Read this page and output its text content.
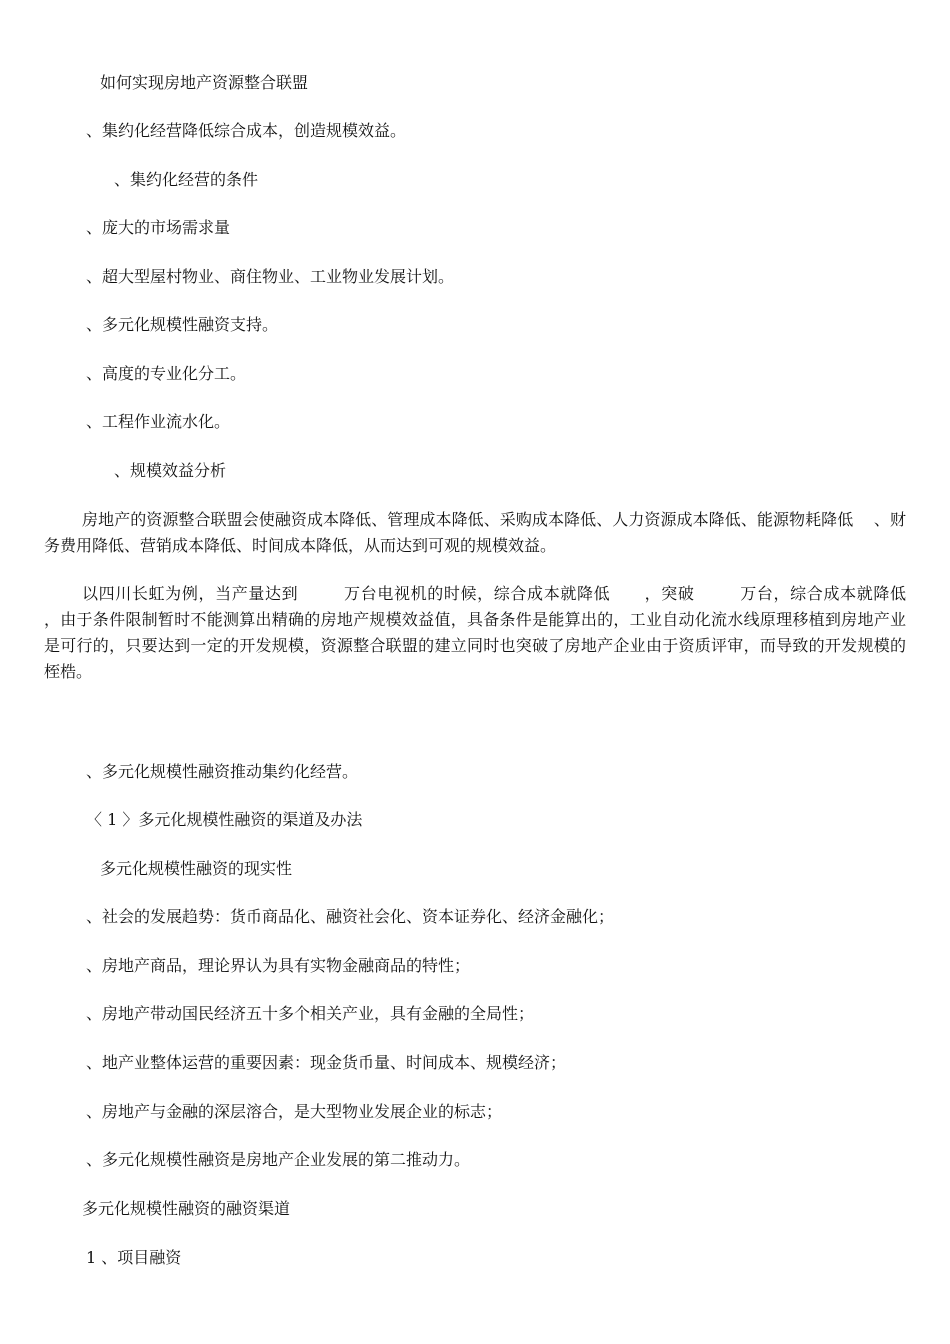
如何实现房地产资源整合联盟

、集约化经营降低综合成本，创造规模效益。

、集约化经营的条件

、庞大的市场需求量

、超大型屋村物业、商住物业、工业物业发展计划。

、多元化规模性融资支持。

、高度的专业化分工。

、工程作业流水化。

、规模效益分析

房地产的资源整合联盟会使融资成本降低、管理成本降低、采购成本降低、人力资源成本降低、能源物耗降低    、财务费用降低、营销成本降低、时间成本降低，从而达到可观的规模效益。

以四川长虹为例，当产量达到        万台电视机的时候，综合成本就降低      ，突破        万台，综合成本就降低      ，由于条件限制暂时不能测算出精确的房地产规模效益值，具备条件是能算出的，工业自动化流水线原理移植到房地产业是可行的，只要达到一定的开发规模，资源整合联盟的建立同时也突破了房地产企业由于资质评审，而导致的开发规模的桎梏。

、多元化规模性融资推动集约化经营。

〈 1 〉多元化规模性融资的渠道及办法

多元化规模性融资的现实性

、社会的发展趋势：货币商品化、融资社会化、资本证券化、经济金融化；

、房地产商品，理论界认为具有实物金融商品的特性；

、房地产带动国民经济五十多个相关产业，具有金融的全局性；

、地产业整体运营的重要因素：现金货币量、时间成本、规模经济；

、房地产与金融的深层溶合，是大型物业发展企业的标志；

、多元化规模性融资是房地产企业发展的第二推动力。

多元化规模性融资的融资渠道

1 、项目融资
